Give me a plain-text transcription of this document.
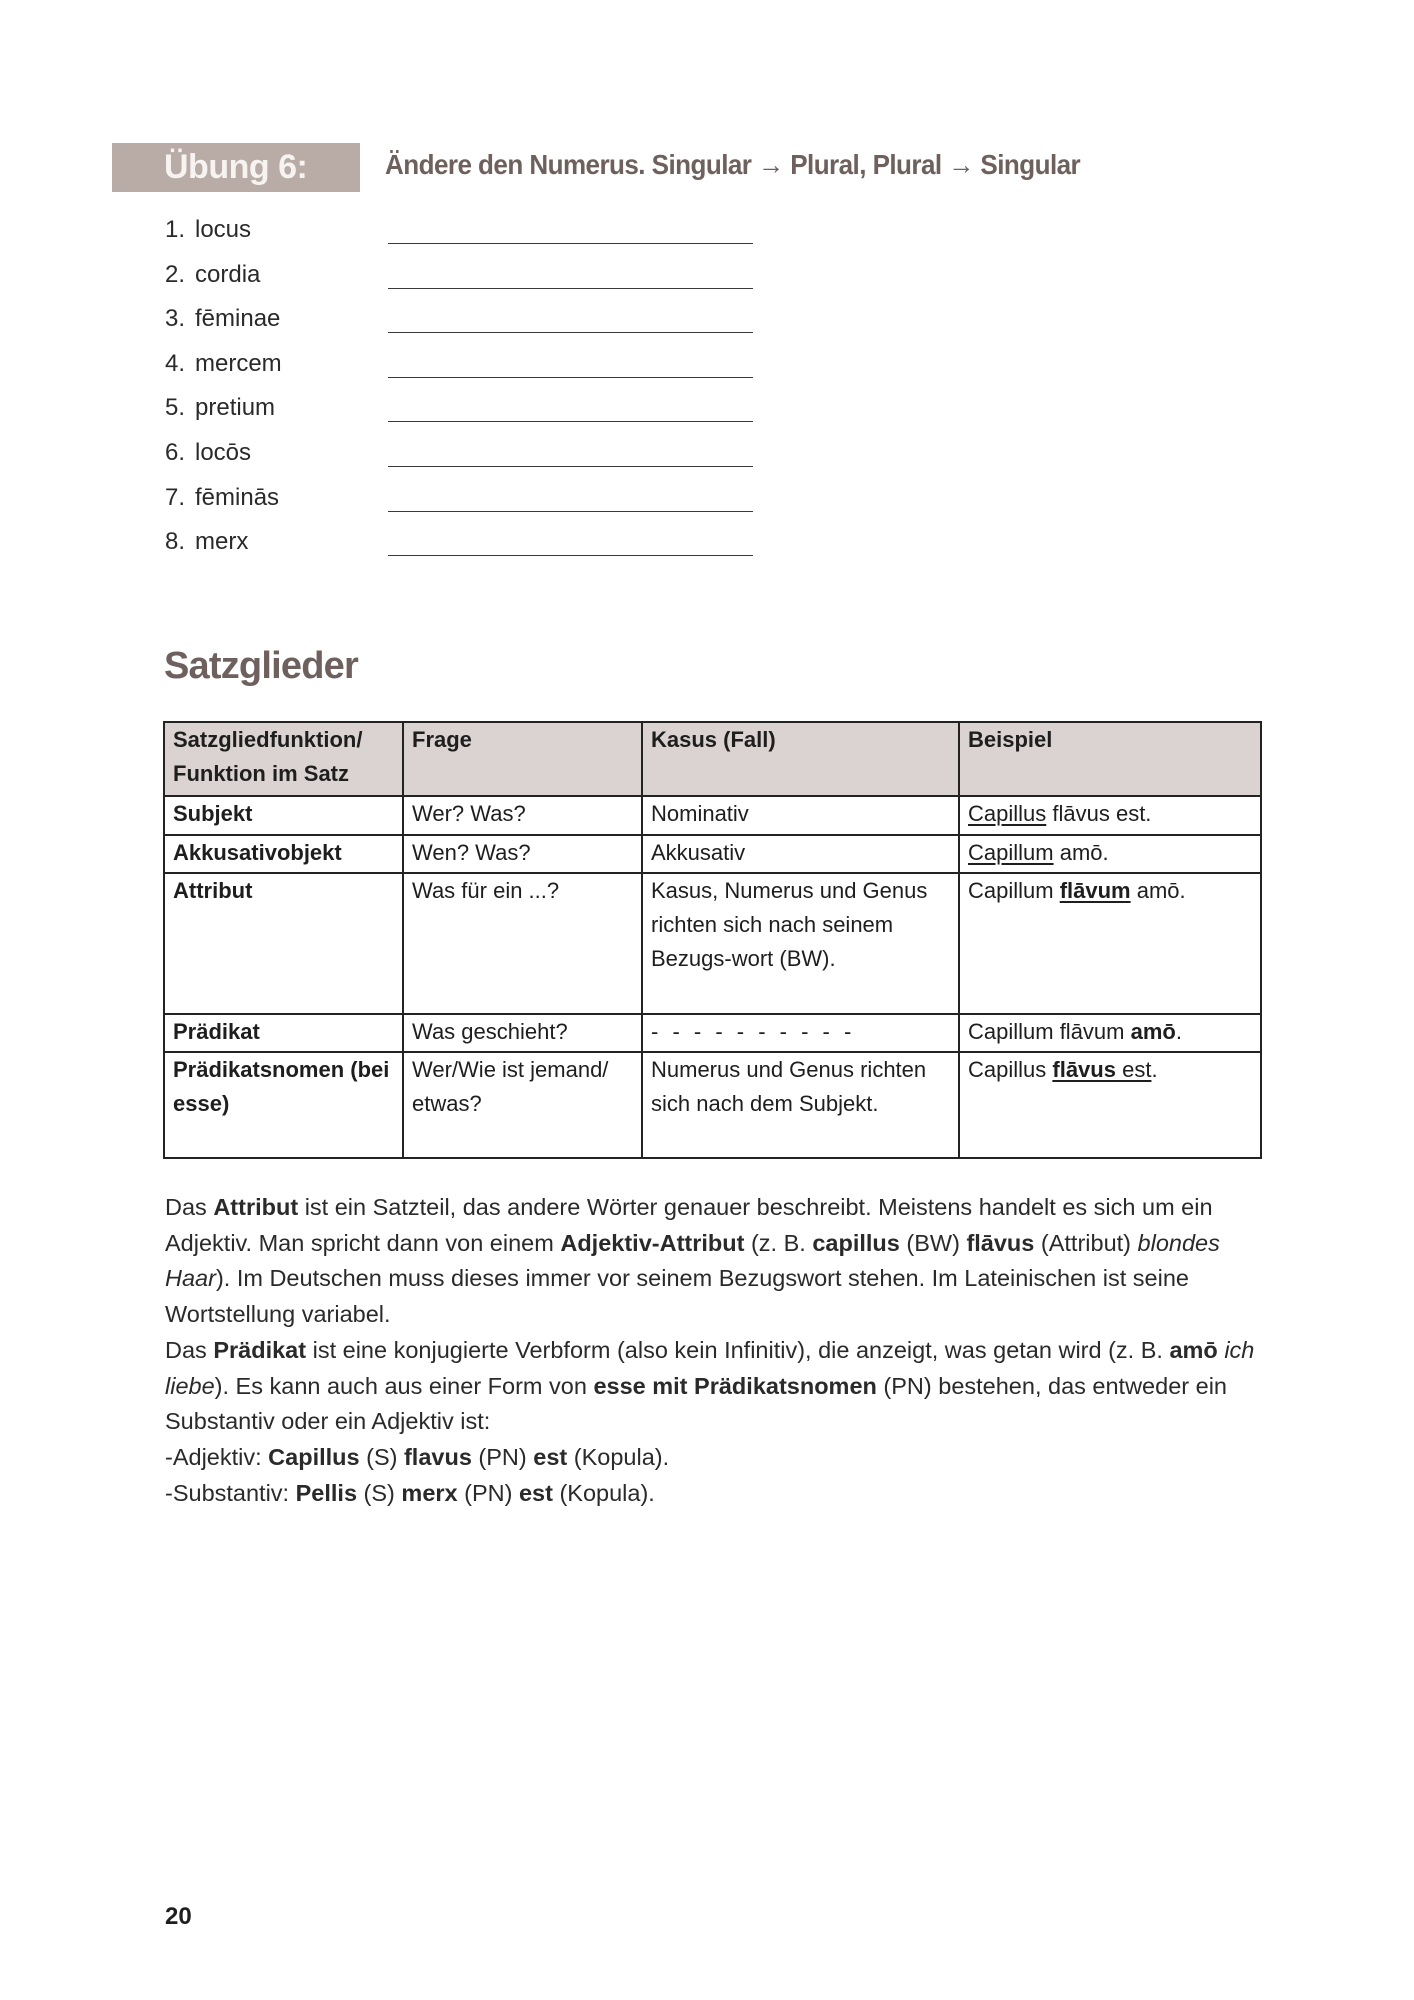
Übung 6:	Ändere den Numerus. Singular → Plural, Plural → Singular
1. locus
2. cordia
3. fēminae
4. mercem
5. pretium
6. locōs
7. fēminās
8. merx
Satzglieder
Satzgliedfunktion/ Funktion im Satz	Frage	Kasus (Fall)	Beispiel
Subjekt	Wer? Was?	Nominativ	Capillus flāvus est.
Akkusativobjekt	Wen? Was?	Akkusativ	Capillum amō.
Attribut	Was für ein ...?	Kasus, Numerus und Genus richten sich nach seinem Bezugs-wort (BW).	Capillum flāvum amō.
Prädikat	Was geschieht?	- - - - - - - - - -	Capillum flāvum amō.
Prädikatsnomen (bei esse)	Wer/Wie ist jemand/ etwas?	Numerus und Genus richten sich nach dem Subjekt.	Capillus flāvus est.

Das Attribut ist ein Satzteil, das andere Wörter genauer beschreibt. Meistens handelt es sich um ein Adjektiv. Man spricht dann von einem Adjektiv-Attribut (z. B. capillus (BW) flāvus (Attribut) blondes Haar). Im Deutschen muss dieses immer vor seinem Bezugswort stehen. Im Lateinischen ist seine Wortstellung variabel.

Das Prädikat ist eine konjugierte Verbform (also kein Infinitiv), die anzeigt, was getan wird (z. B. amō ich liebe). Es kann auch aus einer Form von esse mit Prädikatsnomen (PN) bestehen, das entweder ein Substantiv oder ein Adjektiv ist:

-Adjektiv: Capillus (S) flavus (PN) est (Kopula).

-Substantiv: Pellis (S) merx (PN) est (Kopula).

20
